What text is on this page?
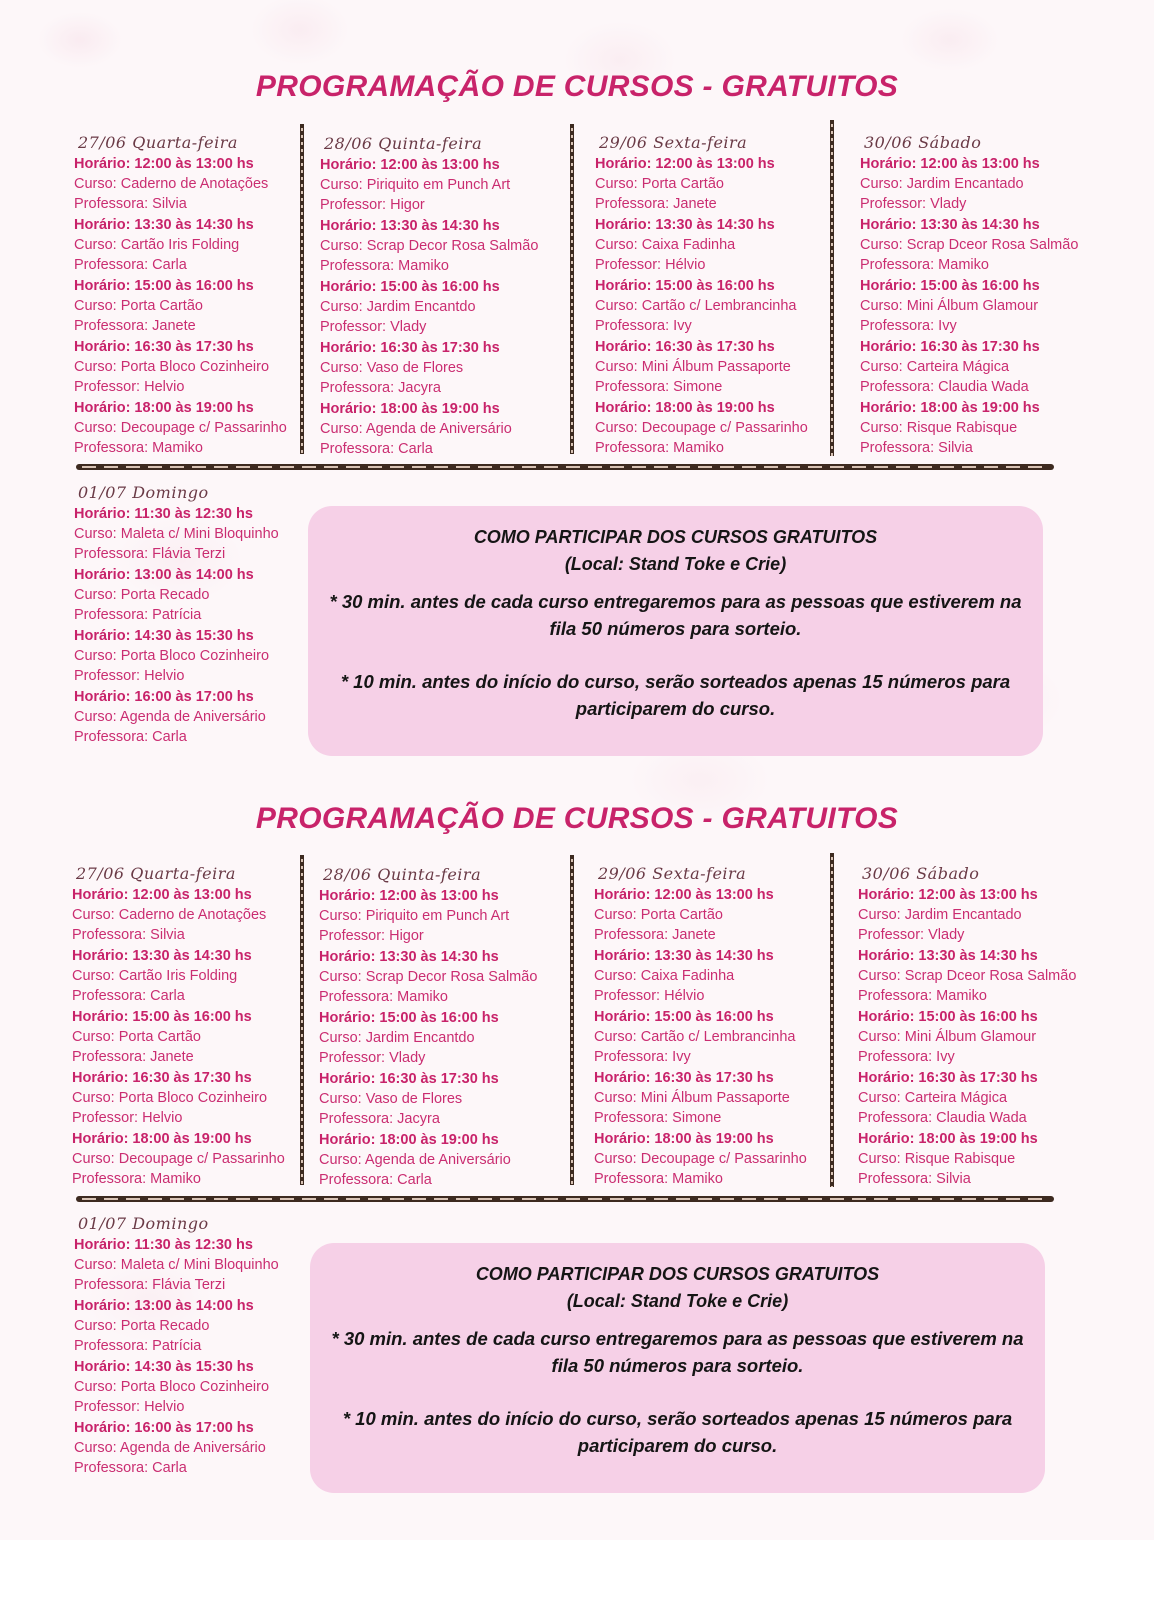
PROGRAMAÇÃO DE CURSOS - GRATUITOS
27/06 Quarta-feira
Horário: 12:00 às 13:00 hs
Curso: Caderno de Anotações
Professora: Silvia
Horário: 13:30 às 14:30 hs
Curso: Cartão Iris Folding
Professora: Carla
Horário: 15:00 às 16:00 hs
Curso: Porta Cartão
Professora: Janete
Horário: 16:30 às 17:30 hs
Curso: Porta Bloco Cozinheiro
Professor: Helvio
Horário: 18:00 às 19:00 hs
Curso: Decoupage c/ Passarinho
Professora: Mamiko
28/06 Quinta-feira
Horário: 12:00 às 13:00 hs
Curso: Piriquito em Punch Art
Professor: Higor
Horário: 13:30 às 14:30 hs
Curso: Scrap Decor Rosa Salmão
Professora: Mamiko
Horário: 15:00 às 16:00 hs
Curso: Jardim Encantdo
Professor: Vlady
Horário: 16:30 às 17:30 hs
Curso: Vaso de Flores
Professora: Jacyra
Horário: 18:00 às 19:00 hs
Curso: Agenda de Aniversário
Professora: Carla
29/06 Sexta-feira
Horário: 12:00 às 13:00 hs
Curso: Porta Cartão
Professora: Janete
Horário: 13:30 às 14:30 hs
Curso: Caixa Fadinha
Professor: Hélvio
Horário: 15:00 às 16:00 hs
Curso: Cartão c/ Lembrancinha
Professora: Ivy
Horário: 16:30 às 17:30 hs
Curso: Mini Álbum Passaporte
Professora: Simone
Horário: 18:00 às 19:00 hs
Curso: Decoupage c/ Passarinho
Professora: Mamiko
30/06 Sábado
Horário: 12:00 às 13:00 hs
Curso: Jardim Encantado
Professor: Vlady
Horário: 13:30 às 14:30 hs
Curso: Scrap Dceor Rosa Salmão
Professora: Mamiko
Horário: 15:00 às 16:00 hs
Curso: Mini Álbum Glamour
Professora: Ivy
Horário: 16:30 às 17:30 hs
Curso: Carteira Mágica
Professora: Claudia Wada
Horário: 18:00 às 19:00 hs
Curso: Risque Rabisque
Professora: Silvia
01/07 Domingo
Horário: 11:30 às 12:30 hs
Curso: Maleta c/ Mini Bloquinho
Professora: Flávia Terzi
Horário: 13:00 às 14:00 hs
Curso: Porta Recado
Professora: Patrícia
Horário: 14:30 às 15:30 hs
Curso: Porta Bloco Cozinheiro
Professor: Helvio
Horário: 16:00 às 17:00 hs
Curso: Agenda de Aniversário
Professora: Carla
COMO PARTICIPAR DOS CURSOS GRATUITOS
(Local: Stand Toke e Crie)
* 30 min. antes de cada curso entregaremos para as pessoas que estiverem na fila 50 números para sorteio.
* 10 min. antes do início do curso, serão sorteados apenas 15 números para participarem do curso.
PROGRAMAÇÃO DE CURSOS - GRATUITOS
27/06 Quarta-feira
Horário: 12:00 às 13:00 hs
Curso: Caderno de Anotações
Professora: Silvia
Horário: 13:30 às 14:30 hs
Curso: Cartão Iris Folding
Professora: Carla
Horário: 15:00 às 16:00 hs
Curso: Porta Cartão
Professora: Janete
Horário: 16:30 às 17:30 hs
Curso: Porta Bloco Cozinheiro
Professor: Helvio
Horário: 18:00 às 19:00 hs
Curso: Decoupage c/ Passarinho
Professora: Mamiko
28/06 Quinta-feira
Horário: 12:00 às 13:00 hs
Curso: Piriquito em Punch Art
Professor: Higor
Horário: 13:30 às 14:30 hs
Curso: Scrap Decor Rosa Salmão
Professora: Mamiko
Horário: 15:00 às 16:00 hs
Curso: Jardim Encantdo
Professor: Vlady
Horário: 16:30 às 17:30 hs
Curso: Vaso de Flores
Professora: Jacyra
Horário: 18:00 às 19:00 hs
Curso: Agenda de Aniversário
Professora: Carla
29/06 Sexta-feira
Horário: 12:00 às 13:00 hs
Curso: Porta Cartão
Professora: Janete
Horário: 13:30 às 14:30 hs
Curso: Caixa Fadinha
Professor: Hélvio
Horário: 15:00 às 16:00 hs
Curso: Cartão c/ Lembrancinha
Professora: Ivy
Horário: 16:30 às 17:30 hs
Curso: Mini Álbum Passaporte
Professora: Simone
Horário: 18:00 às 19:00 hs
Curso: Decoupage c/ Passarinho
Professora: Mamiko
30/06 Sábado
Horário: 12:00 às 13:00 hs
Curso: Jardim Encantado
Professor: Vlady
Horário: 13:30 às 14:30 hs
Curso: Scrap Dceor Rosa Salmão
Professora: Mamiko
Horário: 15:00 às 16:00 hs
Curso: Mini Álbum Glamour
Professora: Ivy
Horário: 16:30 às 17:30 hs
Curso: Carteira Mágica
Professora: Claudia Wada
Horário: 18:00 às 19:00 hs
Curso: Risque Rabisque
Professora: Silvia
01/07 Domingo
Horário: 11:30 às 12:30 hs
Curso: Maleta c/ Mini Bloquinho
Professora: Flávia Terzi
Horário: 13:00 às 14:00 hs
Curso: Porta Recado
Professora: Patrícia
Horário: 14:30 às 15:30 hs
Curso: Porta Bloco Cozinheiro
Professor: Helvio
Horário: 16:00 às 17:00 hs
Curso: Agenda de Aniversário
Professora: Carla
COMO PARTICIPAR DOS CURSOS GRATUITOS
(Local: Stand Toke e Crie)
* 30 min. antes de cada curso entregaremos para as pessoas que estiverem na fila 50 números para sorteio.
* 10 min. antes do início do curso, serão sorteados apenas 15 números para participarem do curso.
